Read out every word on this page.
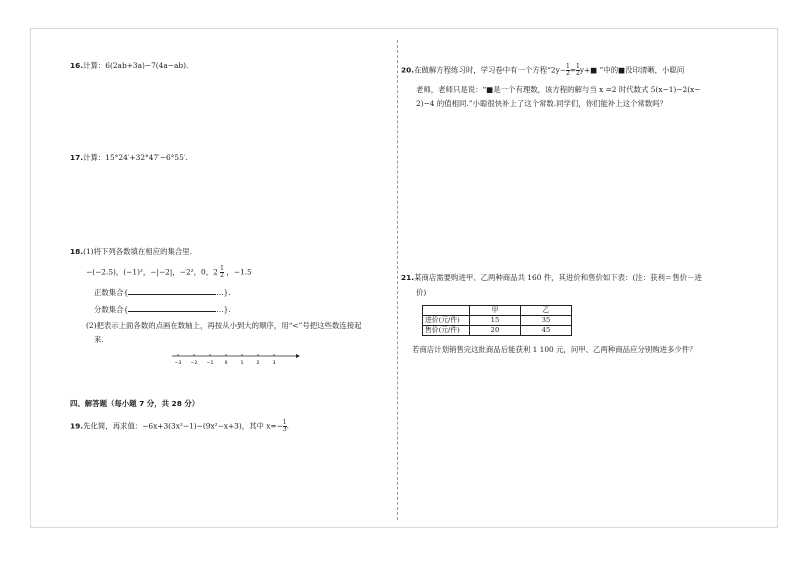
16.计算：6(2ab+3a)−7(4a−ab).
17.计算：15°24′+32°47′−6°55′.
18.(1)将下列各数填在相应的集合里.
−(−2.5)，(−1)²，−|−2|，−2²，0，$2 \frac{1}{2}$ ，−1.5
正数集合{	…}.
分数集合{	…}.
(2)把表示上面各数的点画在数轴上，再按从小到大的顺序，用“<”号把这些数连接起
来.
−3 −2 −1 0	1	2	3
四、解答题（每小题 7 分，共 28 分）
19.先化简，再求值：−6x+3(3x²−1)−(9x²−x+3)，其中 $x=- \frac{1}{3}$ .
20.在做解方程练习时，学习卷中有一个方程“$2y- \frac{1}{2} = \frac{1}{2}$ y+■ ”中的■没印清晰，小聪问
老师，老师只是说：“■是一个有理数，该方程的解与当 x =2 时代数式 5(x−1)−2(x−
2)−4 的值相同.”小聪很快补上了这个常数.同学们，你们能补上这个常数吗？
21.某商店需要购进甲、乙两种商品共 160 件，其进价和售价如下表：(注：获利＝售价－进
价)
	甲	乙
进价(元/件)	15	35
售价(元/件)	20	45
若商店计划销售完这批商品后能获利 1 100 元，问甲、乙两种商品应分别购进多少件？
